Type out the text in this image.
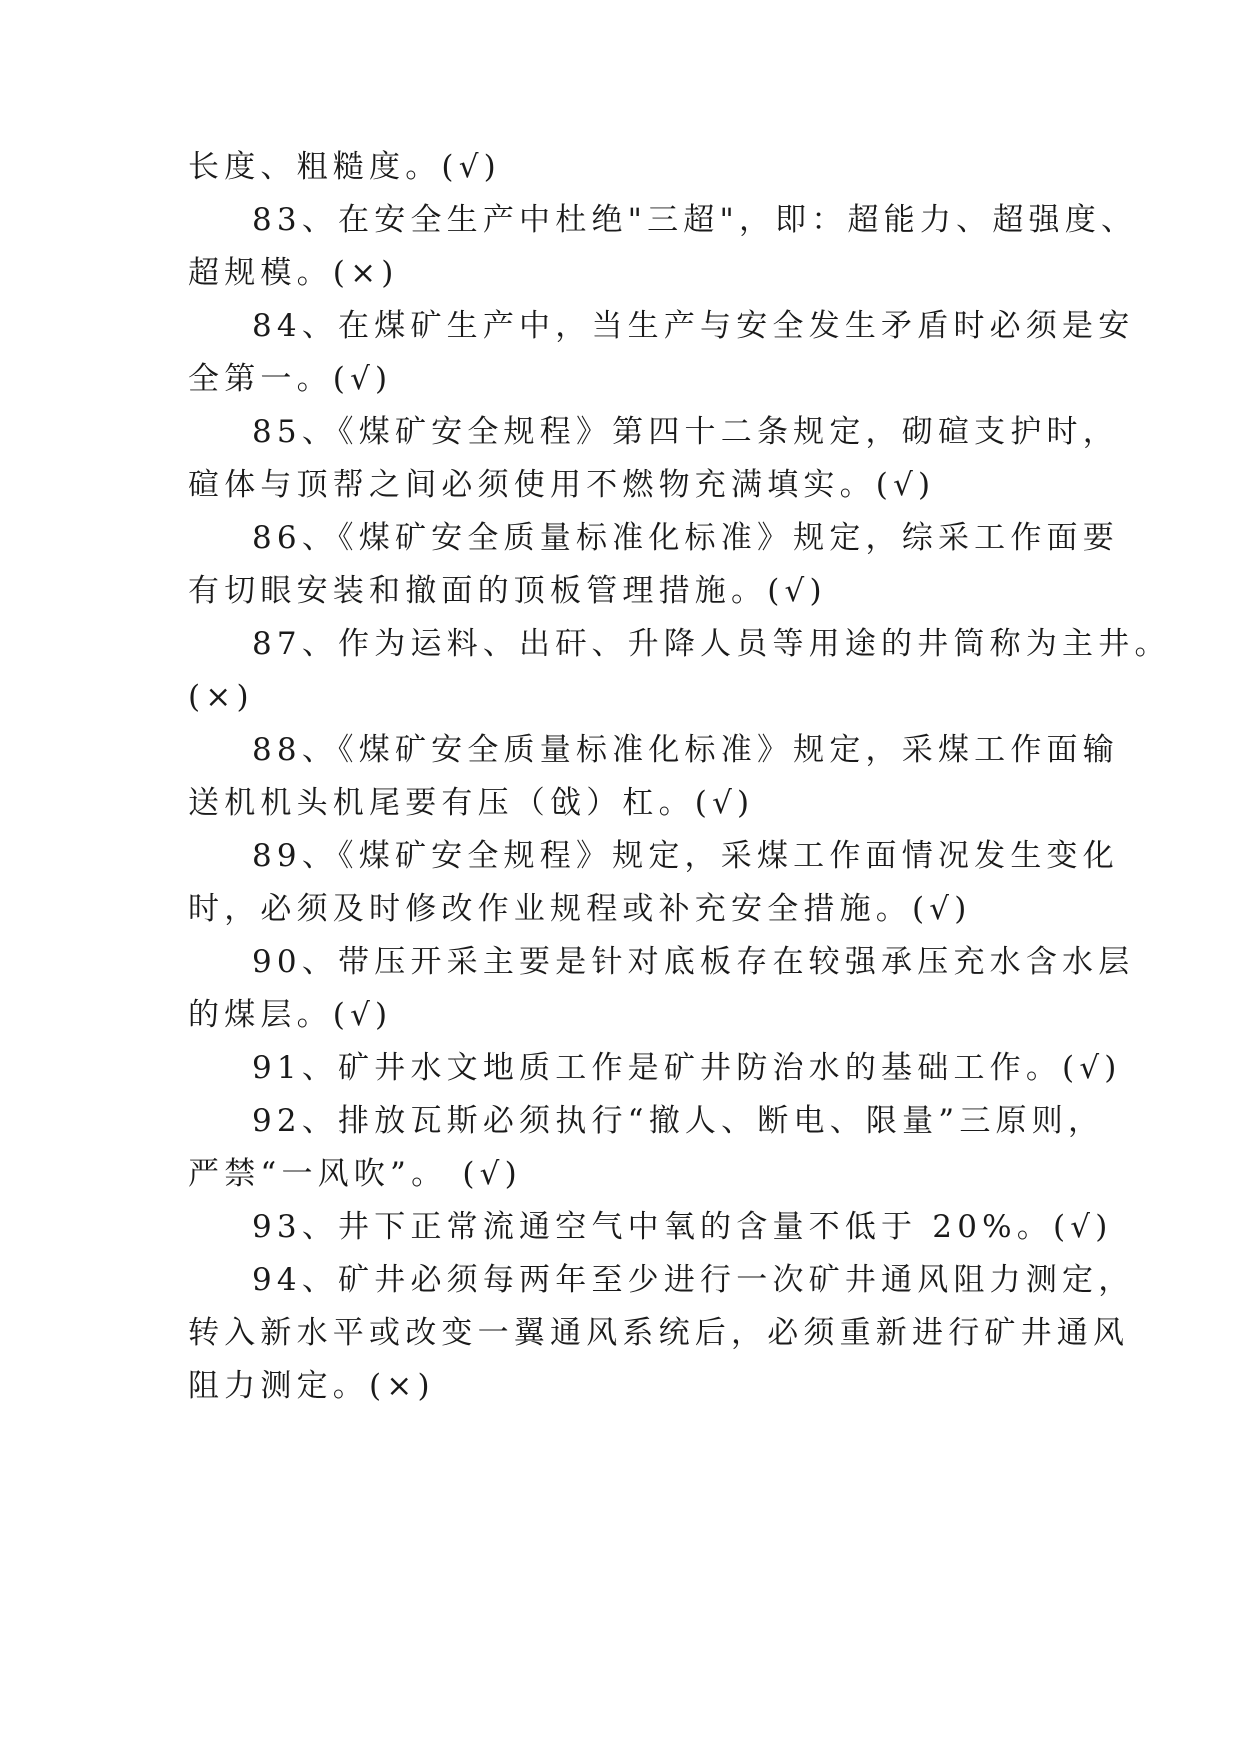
长度、粗糙度。(√)
83、在安全生产中杜绝"三超"，即：超能力、超强度、
超规模。(×)
84、在煤矿生产中，当生产与安全发生矛盾时必须是安
全第一。(√)
85、《煤矿安全规程》第四十二条规定，砌碹支护时，
碹体与顶帮之间必须使用不燃物充满填实。(√)
86、《煤矿安全质量标准化标准》规定，综采工作面要
有切眼安装和撤面的顶板管理措施。(√)
87、作为运料、出矸、升降人员等用途的井筒称为主井。
(×)
88、《煤矿安全质量标准化标准》规定，采煤工作面输
送机机头机尾要有压（戗）杠。(√)
89、《煤矿安全规程》规定，采煤工作面情况发生变化
时，必须及时修改作业规程或补充安全措施。(√)
90、带压开采主要是针对底板存在较强承压充水含水层
的煤层。(√)
91、矿井水文地质工作是矿井防治水的基础工作。(√)
92、排放瓦斯必须执行“撤人、断电、限量”三原则，
严禁“一风吹”。 (√)
93、井下正常流通空气中氧的含量不低于 20%。(√)
94、矿井必须每两年至少进行一次矿井通风阻力测定，
转入新水平或改变一翼通风系统后，必须重新进行矿井通风
阻力测定。(×)
